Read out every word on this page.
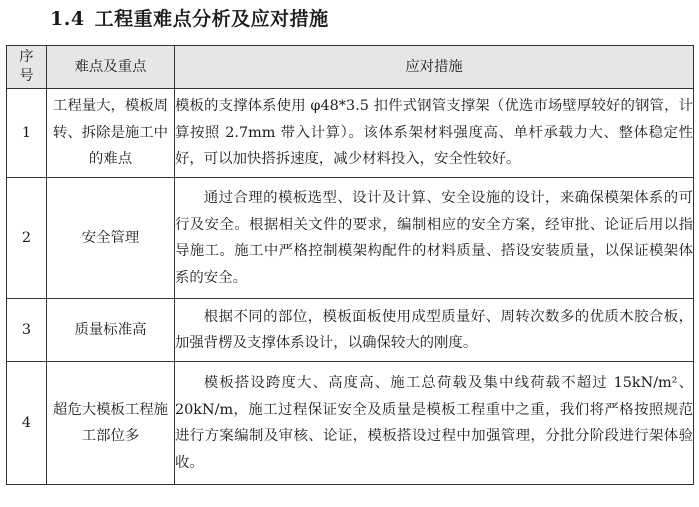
1.4 工程重难点分析及应对措施
序号	难点及重点	应对措施
1	工程量大，模板周转、拆除是施工中的难点	模板的支撑体系使用 φ48*3.5 扣件式钢管支撑架（优选市场壁厚较好的钢管，计算按照 2.7mm 带入计算）。该体系架材料强度高、单杆承载力大、整体稳定性好，可以加快搭拆速度，减少材料投入，安全性较好。
2	安全管理	通过合理的模板选型、设计及计算、安全设施的设计，来确保模架体系的可行及安全。根据相关文件的要求，编制相应的安全方案，经审批、论证后用以指导施工。施工中严格控制模架构配件的材料质量、搭设安装质量，以保证模架体系的安全。
3	质量标准高	根据不同的部位，模板面板使用成型质量好、周转次数多的优质木胶合板，加强背楞及支撑体系设计，以确保较大的刚度。
4	超危大模板工程施工部位多	模板搭设跨度大、高度高、施工总荷载及集中线荷载不超过 15kN/m²、20kN/m，施工过程保证安全及质量是模板工程重中之重，我们将严格按照规范进行方案编制及审核、论证，模板搭设过程中加强管理，分批分阶段进行架体验收。
